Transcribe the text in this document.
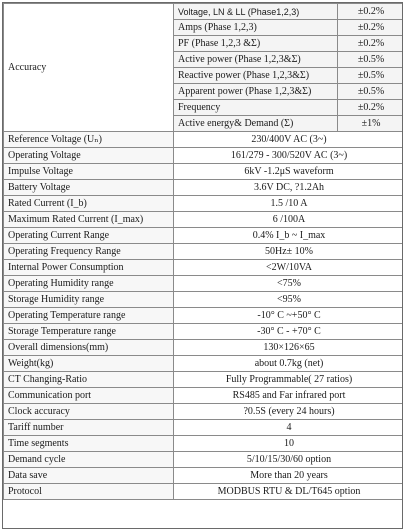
Accuracy	Voltage, LN & LL (Phase1,2,3)	±0.2%
	Amps (Phase 1,2,3)	±0.2%
	PF (Phase 1,2,3 &Σ)	±0.2%
	Active power (Phase 1,2,3&Σ)	±0.5%
	Reactive power (Phase 1,2,3&Σ)	±0.5%
	Apparent power (Phase 1,2,3&Σ)	±0.5%
	Frequency	±0.2%
	Active energy& Demand (Σ)	±1%
Reference Voltage (Uₙ)	230/400V AC (3~)	
Operating Voltage	161/279 - 300/520V AC (3~)	
Impulse Voltage	6kV -1.2μS waveform	
Battery Voltage	3.6V DC, ?1.2Ah	
Rated Current (I_b)	1.5 /10 A	
Maximum Rated Current (I_max)	6 /100A	
Operating Current Range	0.4% I_b ~ I_max	
Operating Frequency Range	50Hz± 10%	
Internal Power Consumption	<2W/10VA	
Operating Humidity range	<75%	
Storage Humidity range	<95%	
Operating Temperature range	-10° C ~+50° C	
Storage Temperature range	-30° C - +70° C	
Overall dimensions(mm)	130×126×65	
Weight(kg)	about 0.7kg (net)	
CT Changing-Ratio	Fully Programmable( 27 ratios)	
Communication port	RS485 and Far infrared port	
Clock accuracy	?0.5S (every 24 hours)	
Tariff number	4	
Time segments	10	
Demand cycle	5/10/15/30/60 option	
Data save	More than 20 years	
Protocol	MODBUS RTU & DL/T645 option	
